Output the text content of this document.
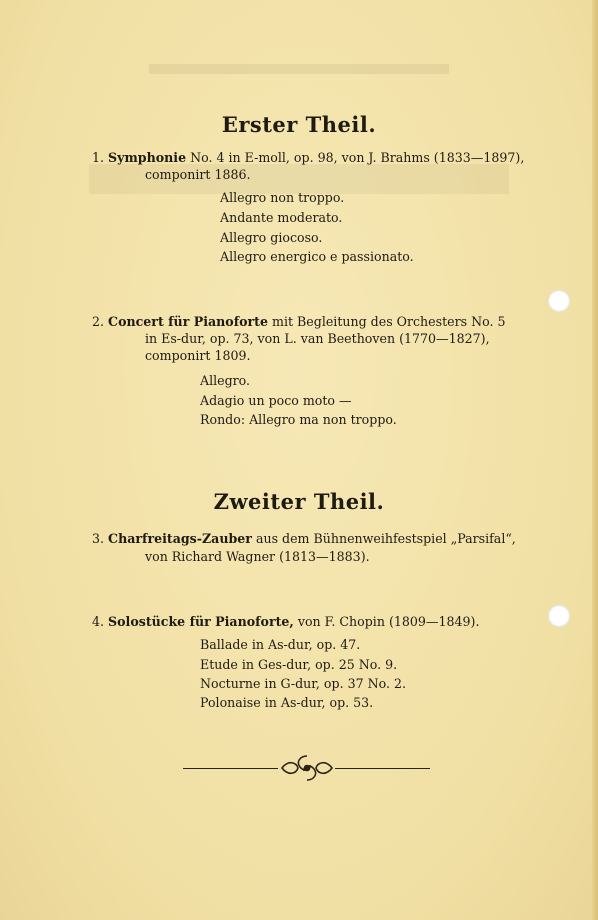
Erster Theil.
1. Symphonie No. 4 in E-moll, op. 98, von J. Brahms (1833—1897),
componirt 1886.
Allegro non troppo.
Andante moderato.
Allegro giocoso.
Allegro energico e passionato.
2. Concert für Pianoforte mit Begleitung des Orchesters No. 5
in Es-dur, op. 73, von L. van Beethoven (1770—1827),
componirt 1809.
Allegro.
Adagio un poco moto —
Rondo: Allegro ma non troppo.
Zweiter Theil.
3. Charfreitags-Zauber aus dem Bühnenweihfestspiel „Parsifal“,
von Richard Wagner (1813—1883).
4. Solostücke für Pianoforte, von F. Chopin (1809—1849).
Ballade in As-dur, op. 47.
Etude in Ges-dur, op. 25 No. 9.
Nocturne in G-dur, op. 37 No. 2.
Polonaise in As-dur, op. 53.
